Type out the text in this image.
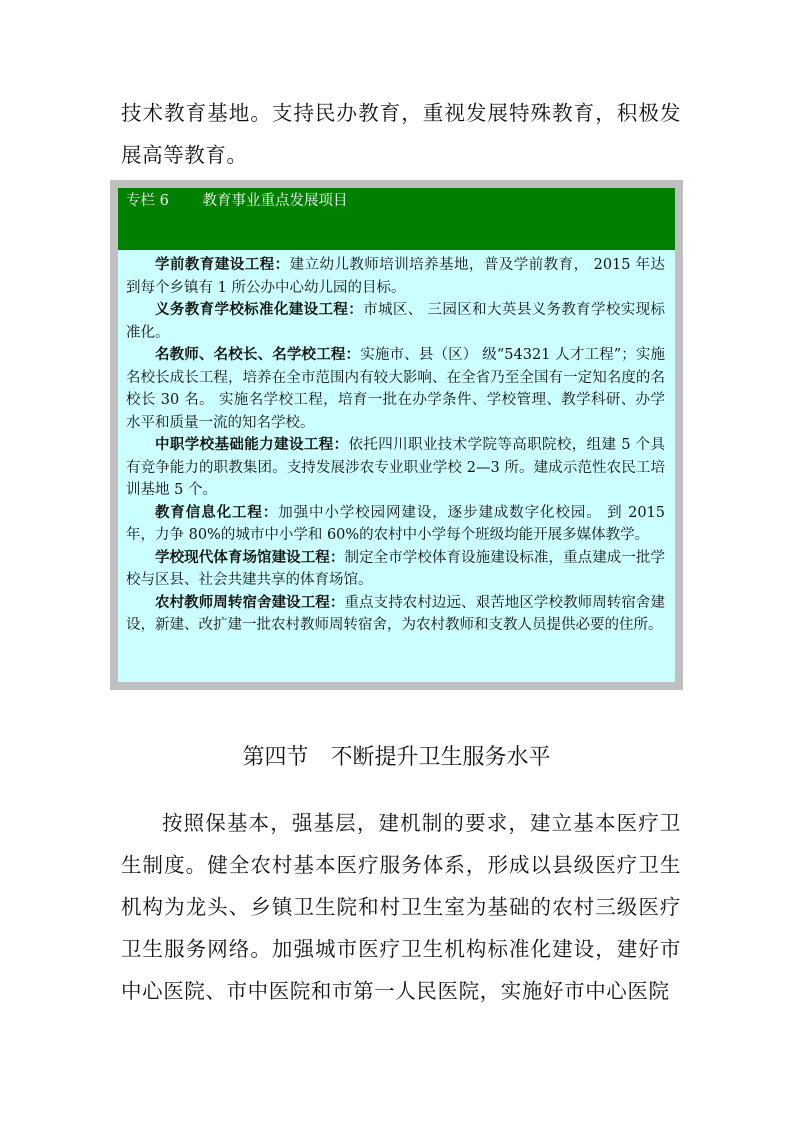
技术教育基地。支持民办教育，重视发展特殊教育，积极发展高等教育。

专栏 6　　 教育事业重点发展项目

学前教育建设工程：建立幼儿教师培训培养基地，普及学前教育， 2015 年达到每个乡镇有 1 所公办中心幼儿园的目标。

义务教育学校标准化建设工程：市城区、 三园区和大英县义务教育学校实现标准化。

名教师、名校长、名学校工程：实施市、县（区） 级“54321 人才工程”；实施名校长成长工程，培养在全市范围内有较大影响、在全省乃至全国有一定知名度的名校长 30 名。 实施名学校工程，培育一批在办学条件、学校管理、教学科研、办学水平和质量一流的知名学校。

中职学校基础能力建设工程：依托四川职业技术学院等高职院校，组建 5 个具有竞争能力的职教集团。支持发展涉农专业职业学校 2—3 所。建成示范性农民工培训基地 5 个。

教育信息化工程：加强中小学校园网建设，逐步建成数字化校园。 到 2015 年，力争 80%的城市中小学和 60%的农村中小学每个班级均能开展多媒体教学。

学校现代体育场馆建设工程：制定全市学校体育设施建设标准，重点建成一批学校与区县、社会共建共享的体育场馆。

农村教师周转宿舍建设工程：重点支持农村边远、艰苦地区学校教师周转宿舍建设，新建、改扩建一批农村教师周转宿舍，为农村教师和支教人员提供必要的住所。

第四节 不断提升卫生服务水平

按照保基本，强基层，建机制的要求，建立基本医疗卫生制度。健全农村基本医疗服务体系，形成以县级医疗卫生机构为龙头、乡镇卫生院和村卫生室为基础的农村三级医疗卫生服务网络。加强城市医疗卫生机构标准化建设，建好市中心医院、市中医院和市第一人民医院，实施好市中心医院
